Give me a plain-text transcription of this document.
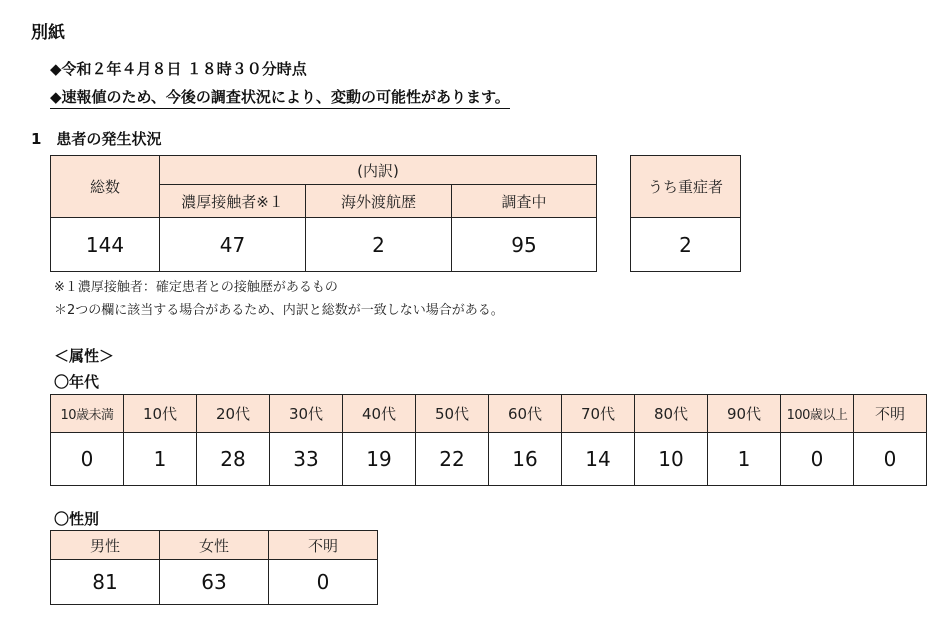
別紙
◆令和２年４月８日 １８時３０分時点
◆速報値のため、今後の調査状況により、変動の可能性があります。
1　患者の発生状況
総数	(内訳)		
	濃厚接触者※１	海外渡航歴	調査中
144	47	2	95
うち重症者
2
※１濃厚接触者：確定患者との接触歴があるもの
＊2つの欄に該当する場合があるため、内訳と総数が一致しない場合がある。
＜属性＞
〇年代
10歳未満	10代	20代	30代	40代	50代	60代	70代	80代	90代	100歳以上	不明
0	1	28	33	19	22	16	14	10	1	0	0
〇性別
男性	女性	不明
81	63	0
